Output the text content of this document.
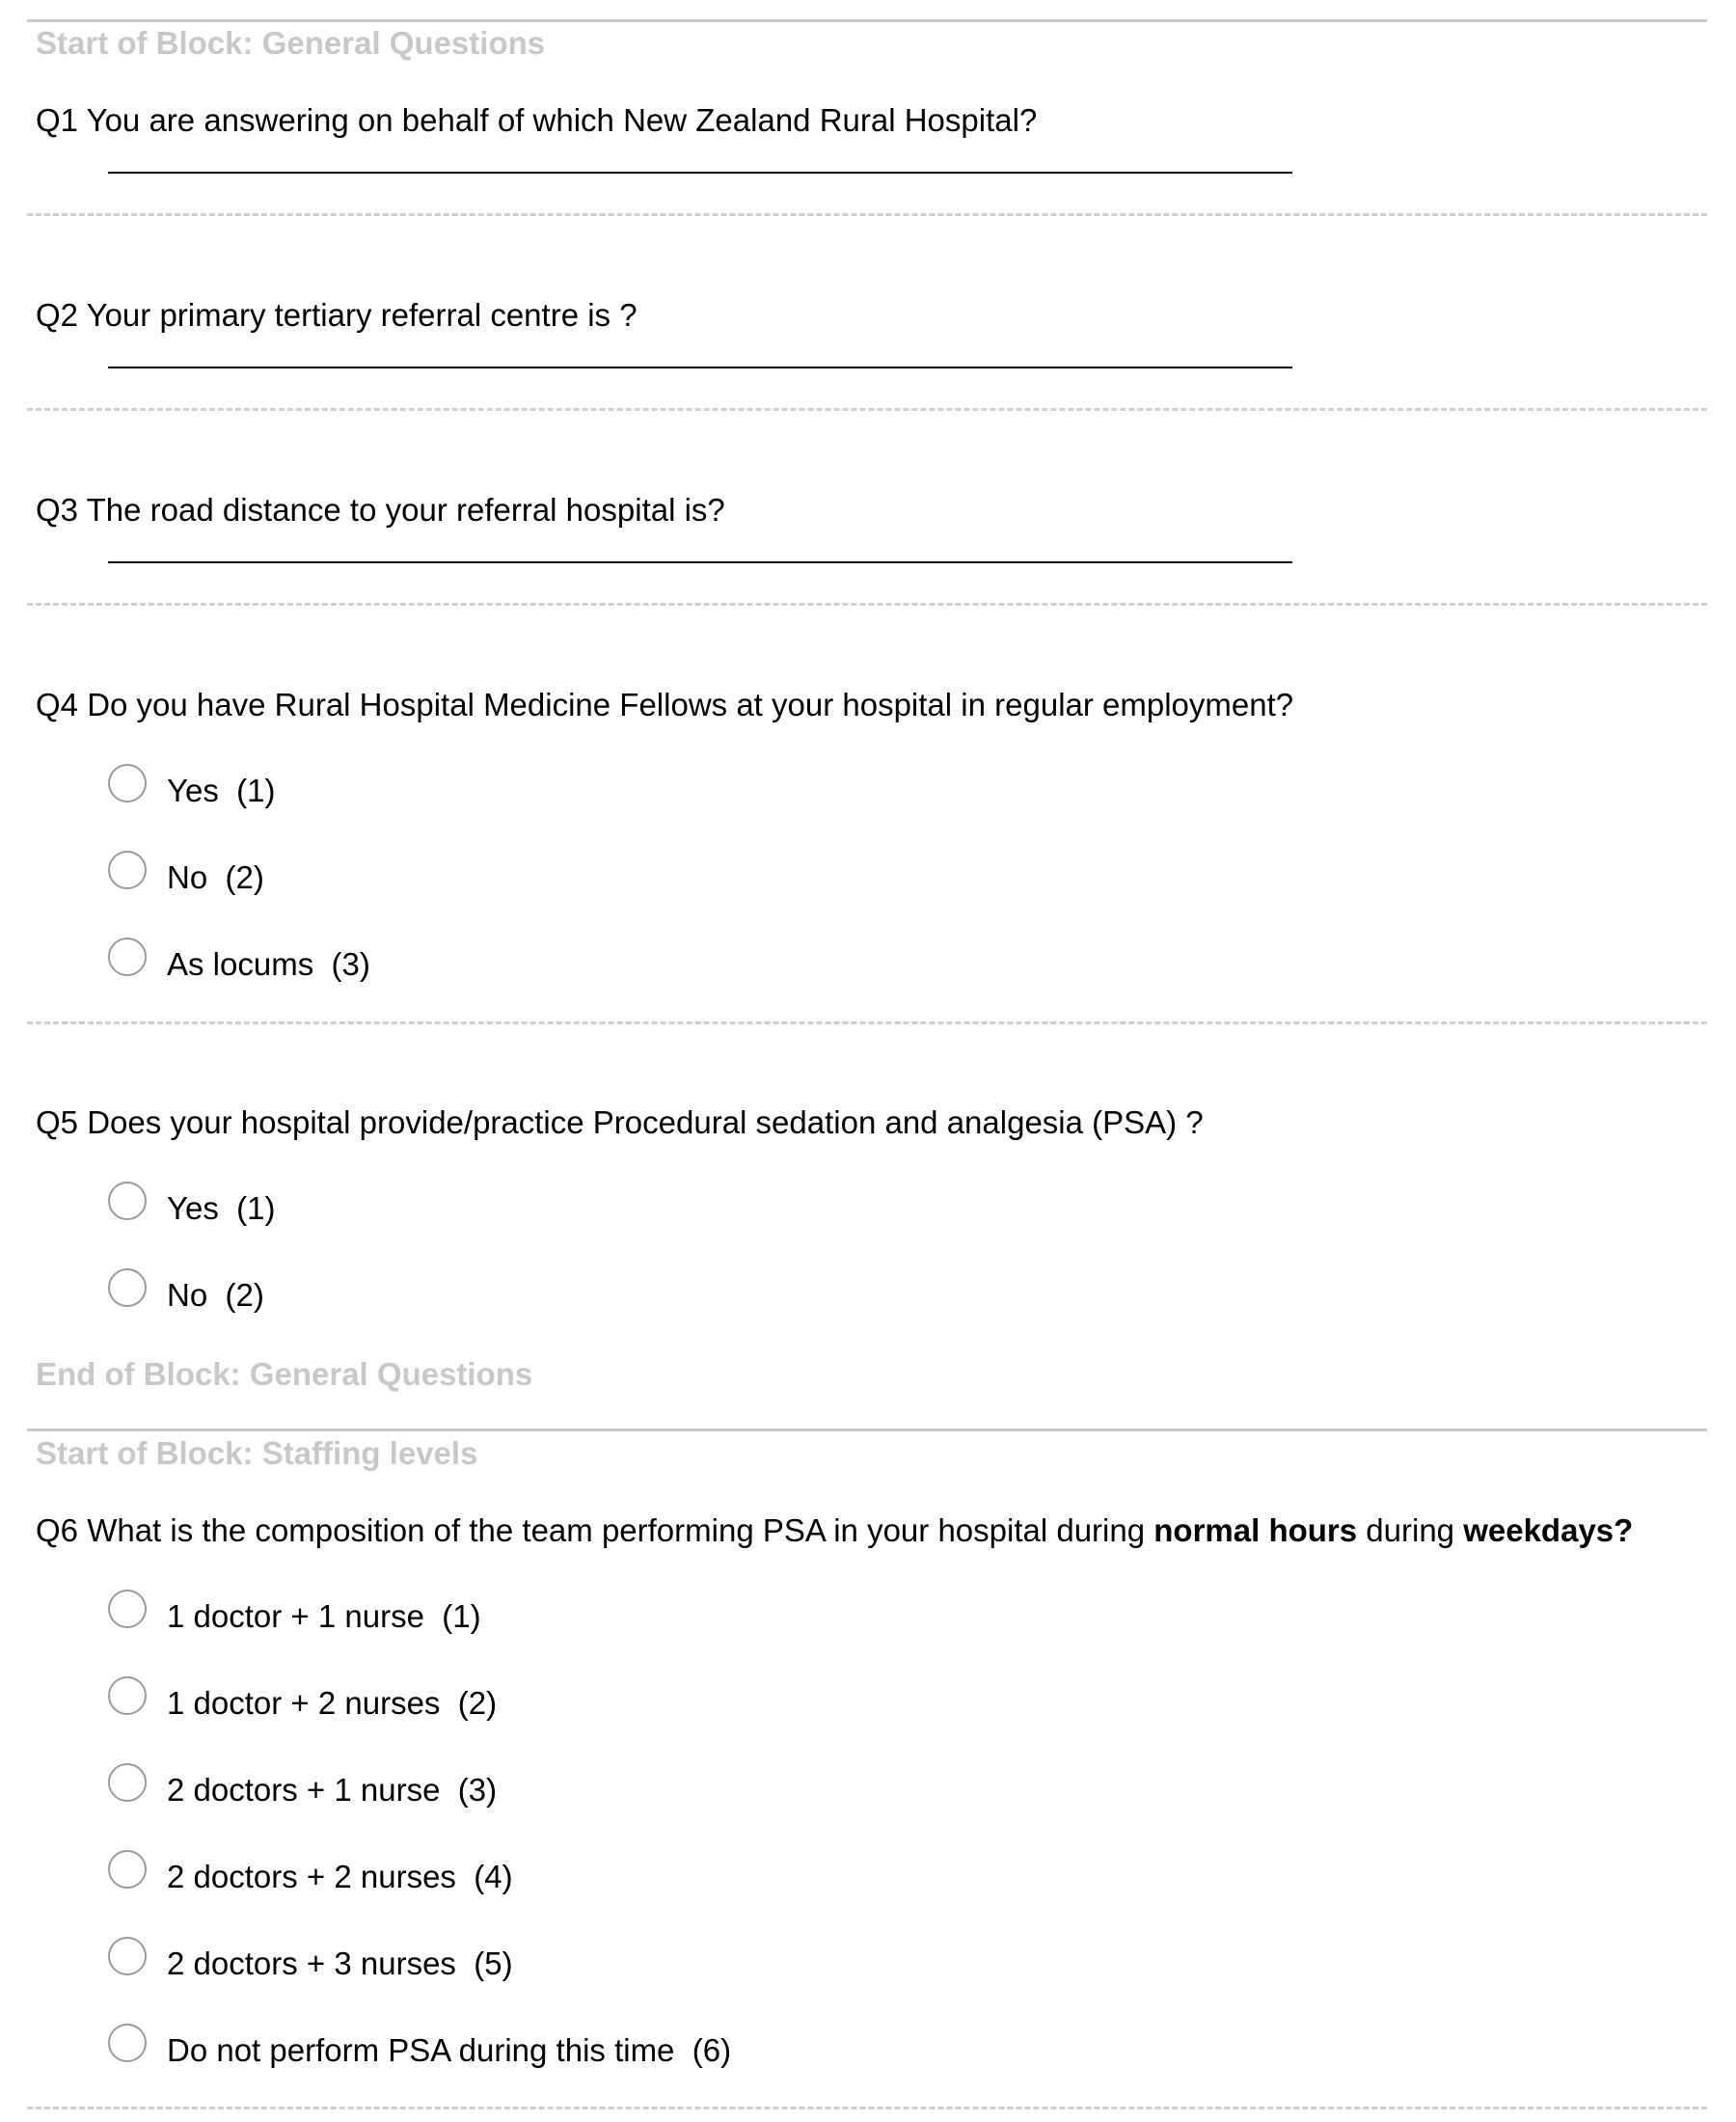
Start of Block: General Questions
Q1 You are answering on behalf of which New Zealand Rural Hospital?
Q2 Your primary tertiary referral centre is ?
Q3 The road distance to your referral hospital is?
Q4 Do you have Rural Hospital Medicine Fellows at your hospital in regular employment?
Yes  (1)
No  (2)
As locums  (3)
Q5 Does your hospital provide/practice Procedural sedation and analgesia (PSA) ?
Yes  (1)
No  (2)
End of Block: General Questions
Start of Block: Staffing levels
Q6 What is the composition of the team performing PSA in your hospital during normal hours during weekdays?
1 doctor + 1 nurse  (1)
1 doctor + 2 nurses  (2)
2 doctors + 1 nurse  (3)
2 doctors + 2 nurses  (4)
2 doctors + 3 nurses  (5)
Do not perform PSA during this time  (6)
